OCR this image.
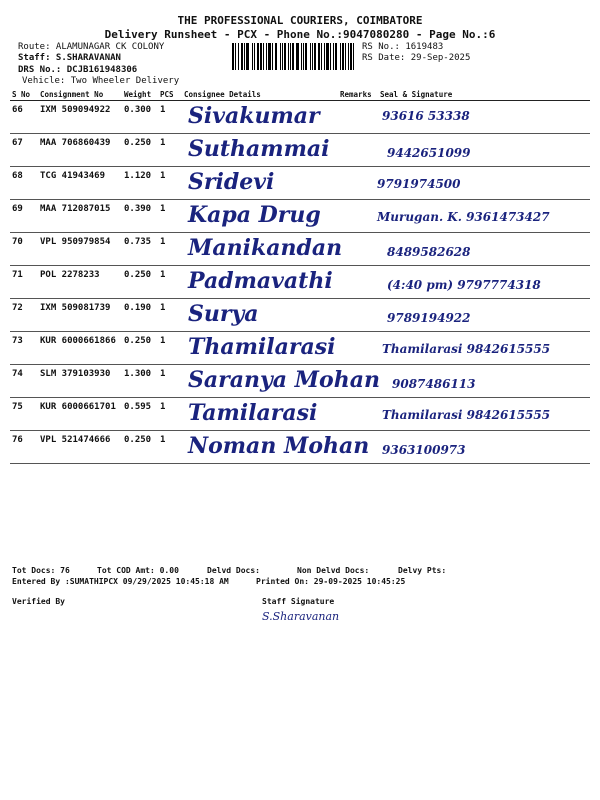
THE PROFESSIONAL COURIERS, COIMBATORE
Delivery Runsheet - PCX - Phone No.:9047080280 - Page No.:6
Route: ALAMUNAGAR CK COLONY
Staff: S.SHARAVANAN
DRS No.: DCJB161948306
Vehicle: Two Wheeler Delivery
RS No.: 1619483
RS Date: 29-Sep-2025
S No	Consignment No	Weight	PCS	Consignee Details	Remarks	Seal & Signature
66	IXM 509094922	0.300	1	Sivakumar		93616 53338

67	MAA 706860439	0.250	1	Suthammai		9442651099

68	TCG 41943469	1.120	1	Sridevi		9791974500

69	MAA 712087015	0.390	1	Kapa Drug		Murugan. K. 9361473427

70	VPL 950979854	0.735	1	Manikandan		8489582628

71	POL 2278233	0.250	1	Padmavathi		(4:40 pm) 9797774318

72	IXM 509081739	0.190	1	Surya		9789194922

73	KUR 6000661866	0.250	1	Thamilarasi		Thamilarasi 9842615555

74	SLM 379103930	1.300	1	Saranya Mohan		9087486113

75	KUR 6000661701	0.595	1	Tamilarasi		Thamilarasi 9842615555

76	VPL 521474666	0.250	1	Noman Mohan		9363100973
Tot Docs: 76	Tot COD Amt: 0.00	Delvd Docs:	Non Delvd Docs:	Delvy Pts:
Entered By :SUMATHIPCX 09/29/2025 10:45:18 AM	Printed On: 29-09-2025 10:45:25
Verified By	Staff Signature
S.Sharavanan
